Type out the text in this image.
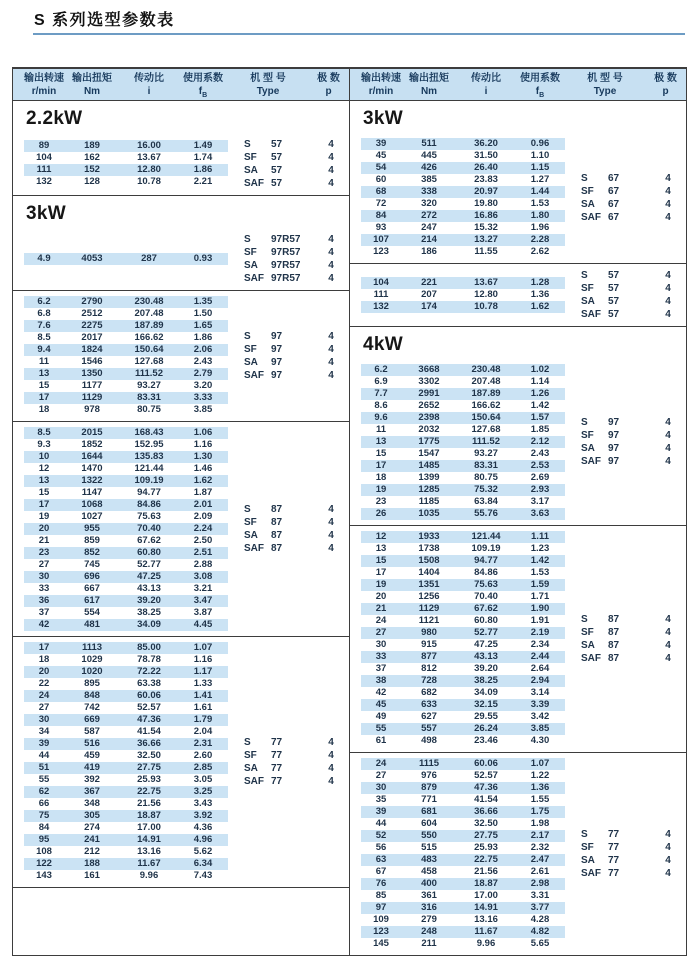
S 系列选型参数表
输出转速 输出扭矩	传动比	使用系数	机 型 号	极 数
r/min	Nm	i	$f_B$	Type	p
2.2kW
89	189	16.00	1.49
104	162	13.67	1.74
111	152	12.80	1.86
132	128	10.78	2.21
S	57	4
SF	57	4
SA	57	4
SAF 57	4
3kW
4.9	4053	287	0.93
S	97R57	4
SF	97R57	4
SA	97R57	4
SAF 97R57	4
6.2	2790	230.48	1.35
6.8	2512	207.48	1.50
7.6	2275	187.89	1.65
8.5	2017	166.62	1.86
9.4	1824	150.64	2.06
11	1546	127.68	2.43
13	1350	111.52	2.79
15	1177	93.27	3.20
17	1129	83.31	3.33
18	978	80.75	3.85
S	97	4
SF	97	4
SA	97	4
SAF 97	4
8.5	2015	168.43	1.06
9.3	1852	152.95	1.16
10	1644	135.83	1.30
12	1470	121.44	1.46
13	1322	109.19	1.62
15	1147	94.77	1.87
17	1068	84.86	2.01
19	1027	75.63	2.09
20	955	70.40	2.24
21	859	67.62	2.50
23	852	60.80	2.51
27	745	52.77	2.88
30	696	47.25	3.08
33	667	43.13	3.21
36	617	39.20	3.47
37	554	38.25	3.87
42	481	34.09	4.45
S	87	4
SF	87	4
SA	87	4
SAF 87	4
17	1113	85.00	1.07
18	1029	78.78	1.16
20	1020	72.22	1.17
22	895	63.38	1.33
24	848	60.06	1.41
27	742	52.57	1.61
30	669	47.36	1.79
34	587	41.54	2.04
39	516	36.66	2.31
44	459	32.50	2.60
51	419	27.75	2.85
55	392	25.93	3.05
62	367	22.75	3.25
66	348	21.56	3.43
75	305	18.87	3.92
84	274	17.00	4.36
95	241	14.91	4.96
108	212	13.16	5.62
122	188	11.67	6.34
143	161	9.96	7.43
S	77	4
SF	77	4
SA	77	4
SAF 77	4
输出转速 输出扭矩	传动比	使用系数	机 型 号	极 数
r/min	Nm	i	$f_B$	Type	p
3kW
39	511	36.20	0.96
45	445	31.50	1.10
54	426	26.40	1.15
60	385	23.83	1.27
68	338	20.97	1.44
72	320	19.80	1.53
84	272	16.86	1.80
93	247	15.32	1.96
107	214	13.27	2.28
123	186	11.55	2.62
S	67	4
SF	67	4
SA	67	4
SAF 67	4
104	221	13.67	1.28
111	207	12.80	1.36
132	174	10.78	1.62
S	57	4
SF	57	4
SA	57	4
SAF 57	4
4kW
6.2	3668	230.48	1.02
6.9	3302	207.48	1.14
7.7	2991	187.89	1.26
8.6	2652	166.62	1.42
9.6	2398	150.64	1.57
11	2032	127.68	1.85
13	1775	111.52	2.12
15	1547	93.27	2.43
17	1485	83.31	2.53
18	1399	80.75	2.69
19	1285	75.32	2.93
23	1185	63.84	3.17
26	1035	55.76	3.63
S	97	4
SF	97	4
SA	97	4
SAF 97	4
12	1933	121.44	1.11
13	1738	109.19	1.23
15	1508	94.77	1.42
17	1404	84.86	1.53
19	1351	75.63	1.59
20	1256	70.40	1.71
21	1129	67.62	1.90
24	1121	60.80	1.91
27	980	52.77	2.19
30	915	47.25	2.34
33	877	43.13	2.44
37	812	39.20	2.64
38	728	38.25	2.94
42	682	34.09	3.14
45	633	32.15	3.39
49	627	29.55	3.42
55	557	26.24	3.85
61	498	23.46	4.30
S	87	4
SF	87	4
SA	87	4
SAF 87	4
24	1115	60.06	1.07
27	976	52.57	1.22
30	879	47.36	1.36
35	771	41.54	1.55
39	681	36.66	1.75
44	604	32.50	1.98
52	550	27.75	2.17
56	515	25.93	2.32
63	483	22.75	2.47
67	458	21.56	2.61
76	400	18.87	2.98
85	361	17.00	3.31
97	316	14.91	3.77
109	279	13.16	4.28
123	248	11.67	4.82
145	211	9.96	5.65
S	77	4
SF	77	4
SA	77	4
SAF 77	4
